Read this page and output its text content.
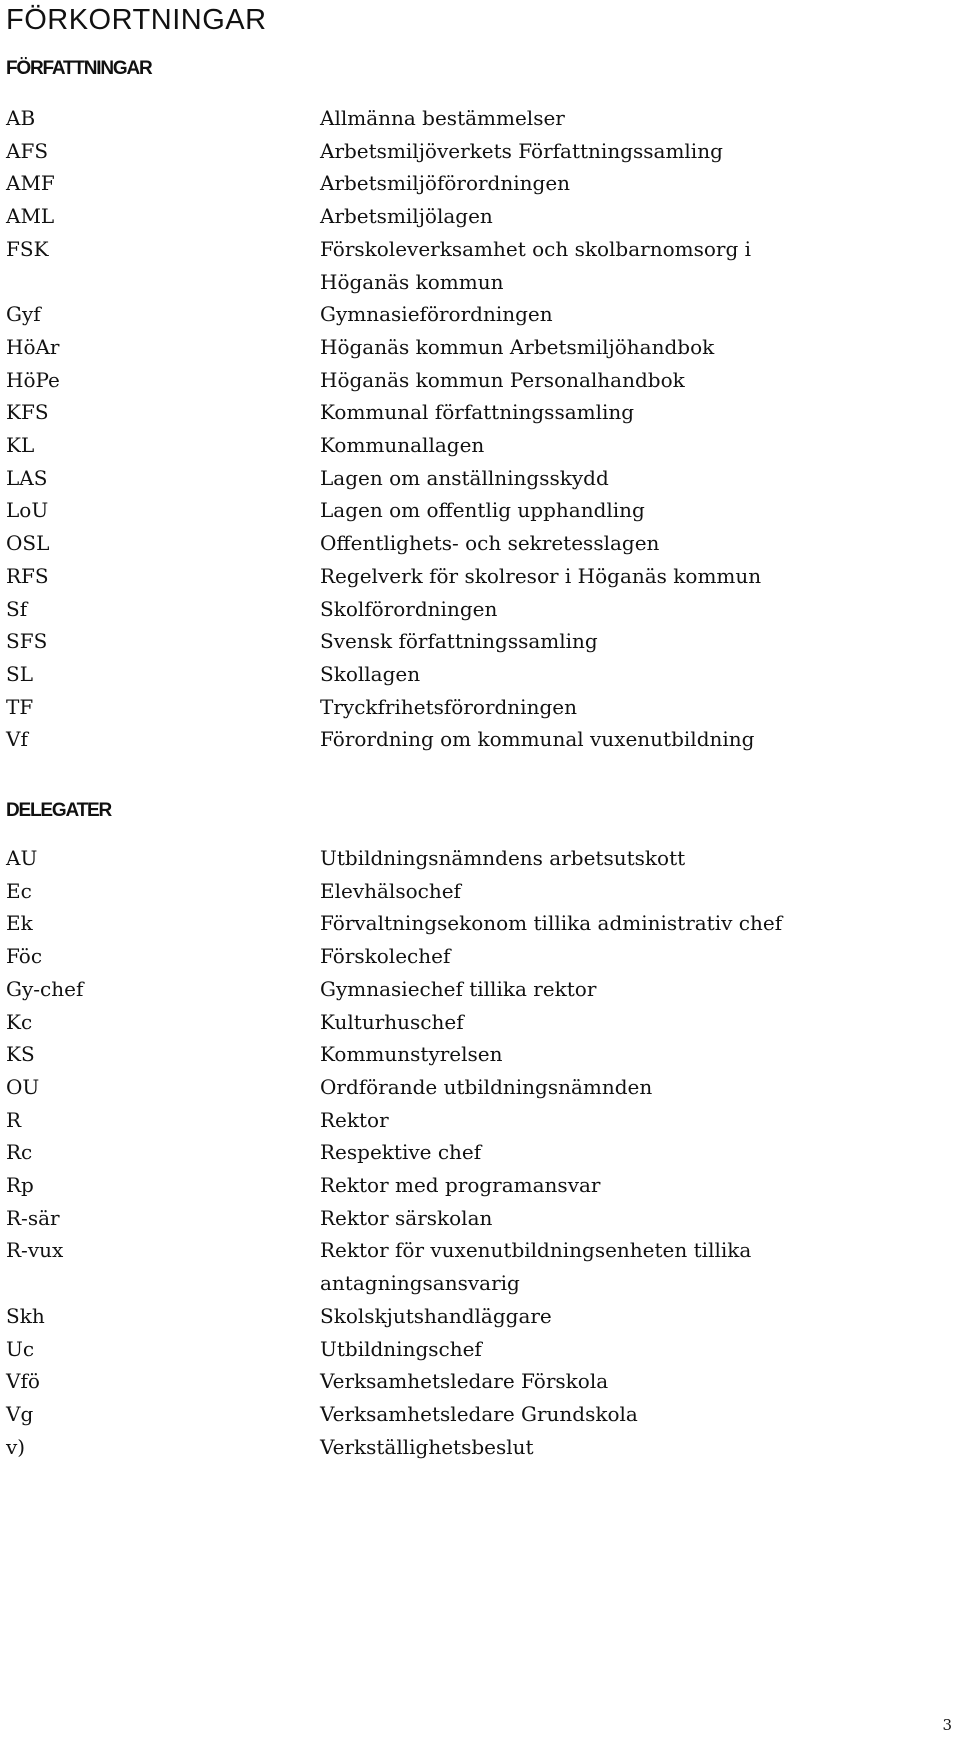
FÖRKORTNINGAR
FÖRFATTNINGAR
AB	Allmänna bestämmelser
AFS	Arbetsmiljöverkets Författningssamling
AMF	Arbetsmiljöförordningen
AML	Arbetsmiljölagen
FSK	Förskoleverksamhet och skolbarnomsorg i Höganäs kommun
Gyf	Gymnasieförordningen
HöAr	Höganäs kommun Arbetsmiljöhandbok
HöPe	Höganäs kommun Personalhandbok
KFS	Kommunal författningssamling
KL	Kommunallagen
LAS	Lagen om anställningsskydd
LoU	Lagen om offentlig upphandling
OSL	Offentlighets- och sekretesslagen
RFS	Regelverk för skolresor i Höganäs kommun
Sf	Skolförordningen
SFS	Svensk författningssamling
SL	Skollagen
TF	Tryckfrihetsförordningen
Vf	Förordning om kommunal vuxenutbildning
DELEGATER
AU	Utbildningsnämndens arbetsutskott
Ec	Elevhälsochef
Ek	Förvaltningsekonom tillika administrativ chef
Föc	Förskolechef
Gy-chef	Gymnasiechef tillika rektor
Kc	Kulturhuschef
KS	Kommunstyrelsen
OU	Ordförande utbildningsnämnden
R	Rektor
Rc	Respektive chef
Rp	Rektor med programansvar
R-sär	Rektor särskolan
R-vux	Rektor för vuxenutbildningsenheten tillika antagningsansvarig
Skh	Skolskjutshandläggare
Uc	Utbildningschef
Vfö	Verksamhetsledare Förskola
Vg	Verksamhetsledare Grundskola
v)	Verkställighetsbeslut
3
